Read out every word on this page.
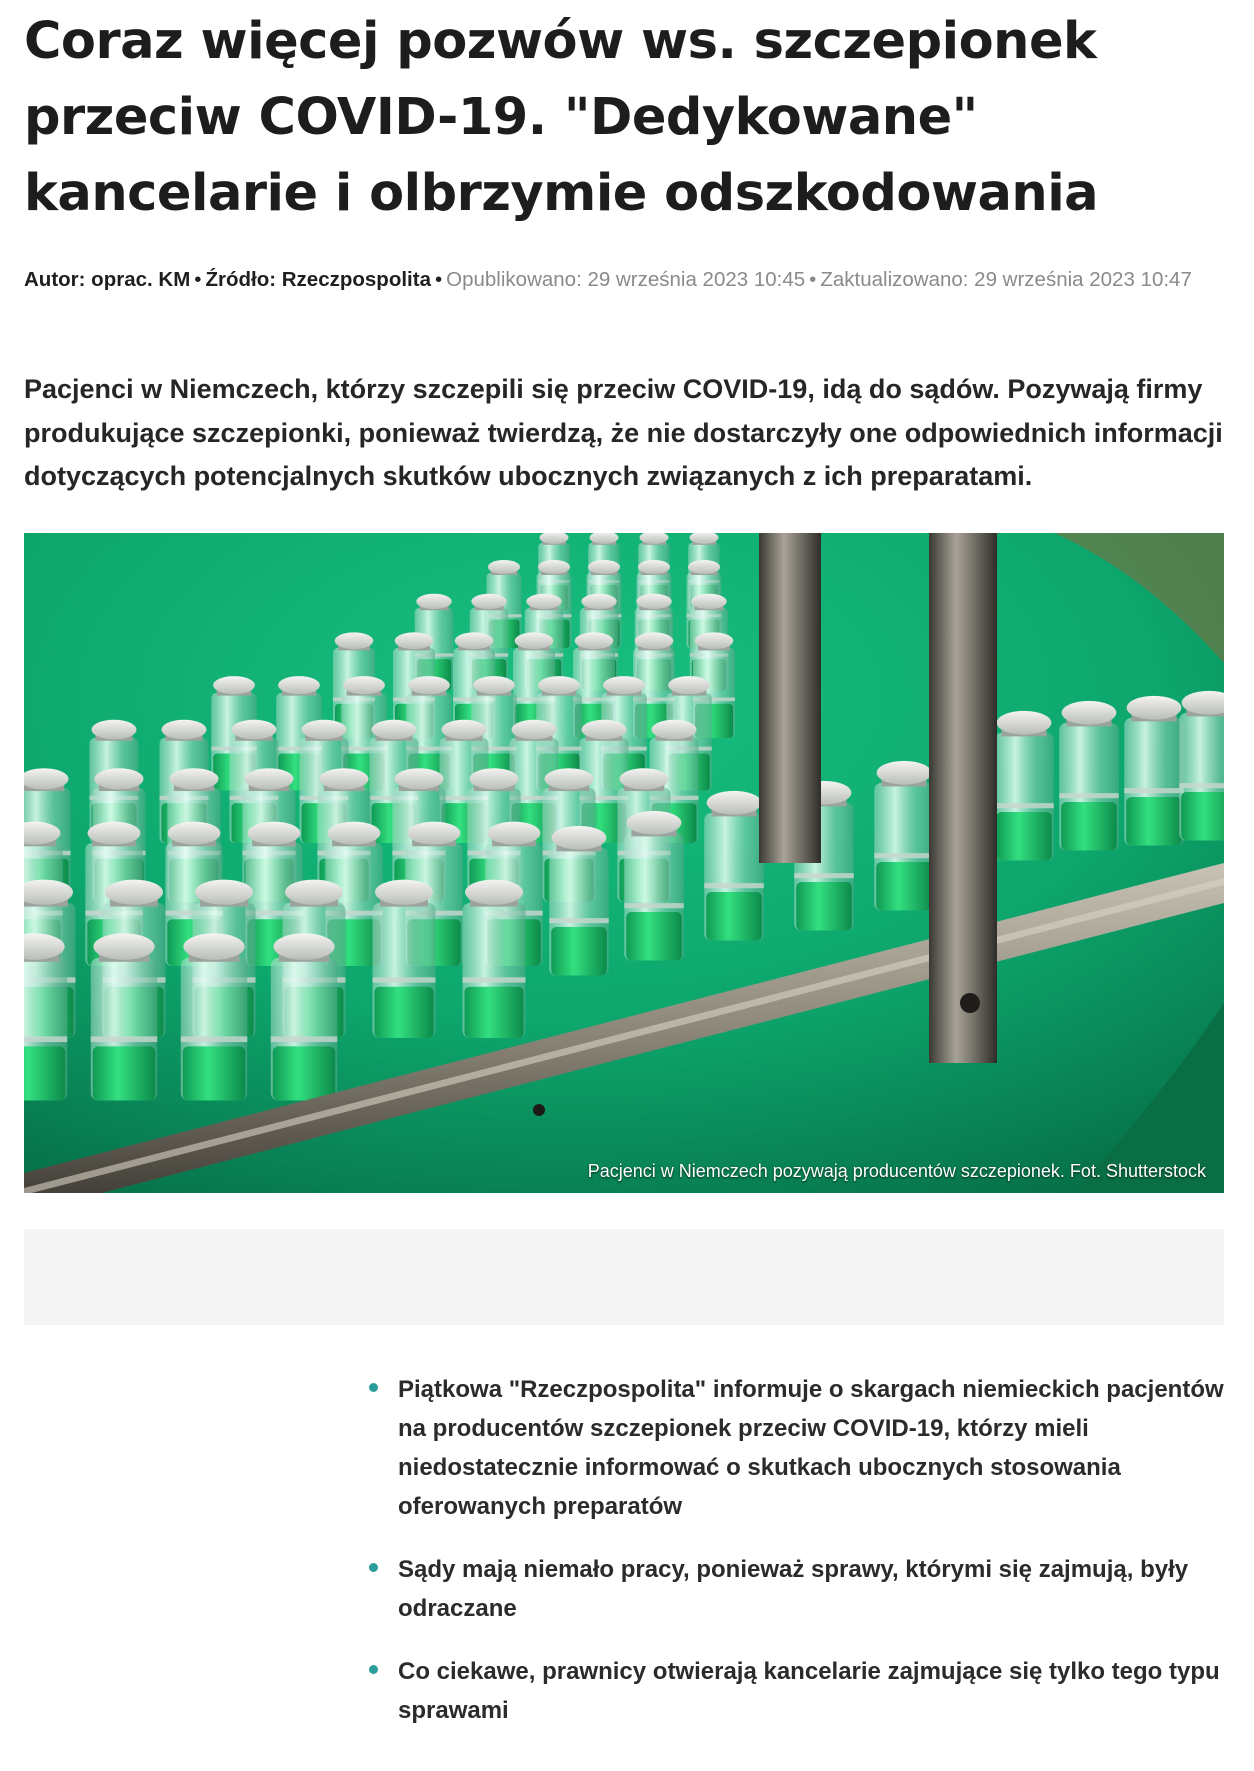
Coraz więcej pozwów ws. szczepionek przeciw COVID-19. "Dedykowane" kancelarie i olbrzymie odszkodowania
Autor: oprac. KM • Źródło: Rzeczpospolita • Opublikowano: 29 września 2023 10:45 • Zaktualizowano: 29 września 2023 10:47

Pacjenci w Niemczech, którzy szczepili się przeciw COVID-19, idą do sądów. Pozywają firmy produkujące szczepionki, ponieważ twierdzą, że nie dostarczyły one odpowiednich informacji dotyczących potencjalnych skutków ubocznych związanych z ich preparatami.

Pacjenci w Niemczech pozywają producentów szczepionek. Fot. Shutterstock
Piątkowa "Rzeczpospolita" informuje o skargach niemieckich pacjentów na producentów szczepionek przeciw COVID-19, którzy mieli niedostatecznie informować o skutkach ubocznych stosowania oferowanych preparatów
Sądy mają niemało pracy, ponieważ sprawy, którymi się zajmują, były odraczane
Co ciekawe, prawnicy otwierają kancelarie zajmujące się tylko tego typu sprawami
